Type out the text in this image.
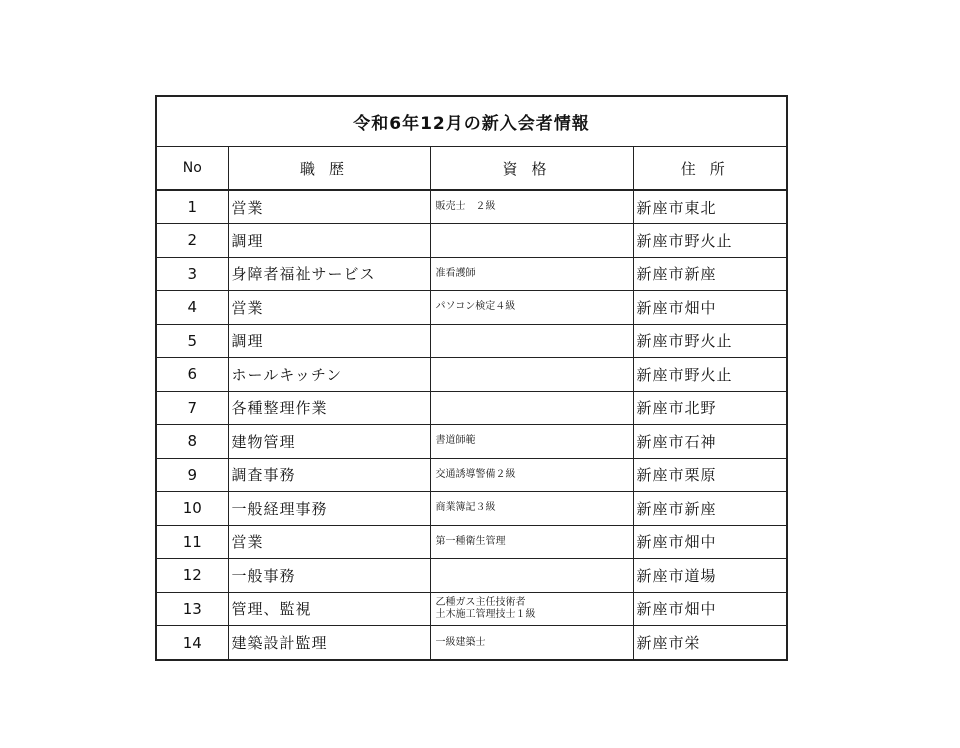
令和6年12月の新入会者情報
No	職歴	資格	住所
1	営業	販売士　２級	新座市東北
2	調理		新座市野火止
3	身障者福祉サービス	准看護師	新座市新座
4	営業	パソコン検定４級	新座市畑中
5	調理		新座市野火止
6	ホールキッチン		新座市野火止
7	各種整理作業		新座市北野
8	建物管理	書道師範	新座市石神
9	調査事務	交通誘導警備２級	新座市栗原
10	一般経理事務	商業簿記３級	新座市新座
11	営業	第一種衛生管理	新座市畑中
12	一般事務		新座市道場
13	管理、監視	乙種ガス主任技術者
土木施工管理技士１級	新座市畑中
14	建築設計監理	一級建築士	新座市栄
